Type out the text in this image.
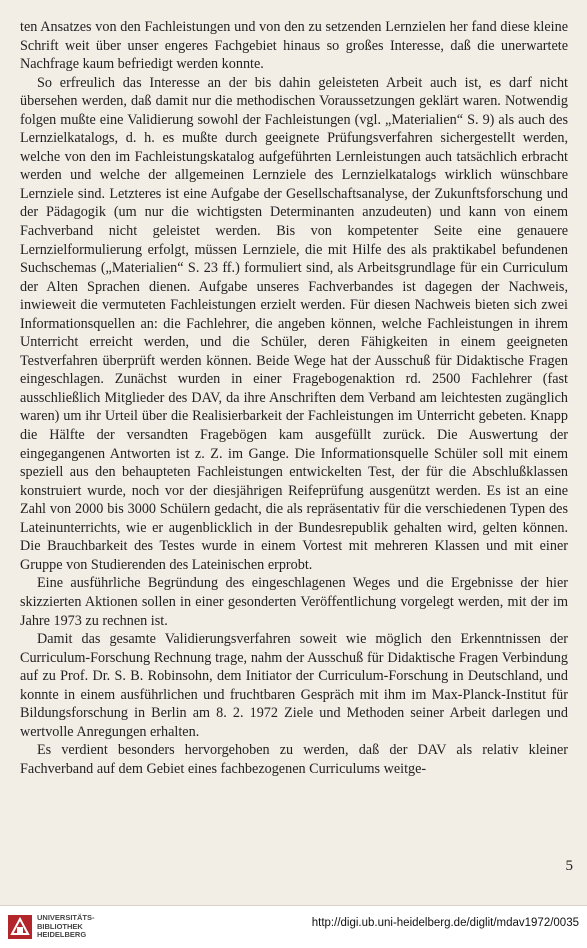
ten Ansatzes von den Fachleistungen und von den zu setzenden Lernzielen her fand diese kleine Schrift weit über unser engeres Fachgebiet hinaus so großes Interesse, daß die unerwartete Nachfrage kaum befriedigt werden konnte.

So erfreulich das Interesse an der bis dahin geleisteten Arbeit auch ist, es darf nicht übersehen werden, daß damit nur die methodischen Voraussetzungen geklärt waren. Notwendig folgen mußte eine Validierung sowohl der Fachleistungen (vgl. „Materialien“ S. 9) als auch des Lernzielkatalogs, d. h. es mußte durch geeignete Prüfungsverfahren sichergestellt werden, welche von den im Fachleistungskatalog aufgeführten Lernleistungen auch tatsächlich erbracht werden und welche der allgemeinen Lernziele des Lernzielkatalogs wirklich wünschbare Lernziele sind. Letzteres ist eine Aufgabe der Gesellschaftsanalyse, der Zukunftsforschung und der Pädagogik (um nur die wichtigsten Determinanten anzudeuten) und kann von einem Fachverband nicht geleistet werden. Bis von kompetenter Seite eine genauere Lernzielformulierung erfolgt, müssen Lernziele, die mit Hilfe des als praktikabel befundenen Suchschemas („Materialien“ S. 23 ff.) formuliert sind, als Arbeitsgrundlage für ein Curriculum der Alten Sprachen dienen. Aufgabe unseres Fachverbandes ist dagegen der Nachweis, inwieweit die vermuteten Fachleistungen erzielt werden. Für diesen Nachweis bieten sich zwei Informationsquellen an: die Fachlehrer, die angeben können, welche Fachleistungen in ihrem Unterricht erreicht werden, und die Schüler, deren Fähigkeiten in einem geeigneten Testverfahren überprüft werden können. Beide Wege hat der Ausschuß für Didaktische Fragen eingeschlagen. Zunächst wurden in einer Fragebogenaktion rd. 2500 Fachlehrer (fast ausschließlich Mitglieder des DAV, da ihre Anschriften dem Verband am leichtesten zugänglich waren) um ihr Urteil über die Realisierbarkeit der Fachleistungen im Unterricht gebeten. Knapp die Hälfte der versandten Fragebögen kam ausgefüllt zurück. Die Auswertung der eingegangenen Antworten ist z. Z. im Gange. Die Informationsquelle Schüler soll mit einem speziell aus den behaupteten Fachleistungen entwickelten Test, der für die Abschlußklassen konstruiert wurde, noch vor der diesjährigen Reifeprüfung ausgenützt werden. Es ist an eine Zahl von 2000 bis 3000 Schülern gedacht, die als repräsentativ für die verschiedenen Typen des Lateinunterrichts, wie er augenblicklich in der Bundesrepublik gehalten wird, gelten können. Die Brauchbarkeit des Testes wurde in einem Vortest mit mehreren Klassen und mit einer Gruppe von Studierenden des Lateinischen erprobt.

Eine ausführliche Begründung des eingeschlagenen Weges und die Ergebnisse der hier skizzierten Aktionen sollen in einer gesonderten Veröffentlichung vorgelegt werden, mit der im Jahre 1973 zu rechnen ist.

Damit das gesamte Validierungsverfahren soweit wie möglich den Erkenntnissen der Curriculum-Forschung Rechnung trage, nahm der Ausschuß für Didaktische Fragen Verbindung auf zu Prof. Dr. S. B. Robinsohn, dem Initiator der Curriculum-Forschung in Deutschland, und konnte in einem ausführlichen und fruchtbaren Gespräch mit ihm im Max-Planck-Institut für Bildungsforschung in Berlin am 8. 2. 1972 Ziele und Methoden seiner Arbeit darlegen und wertvolle Anregungen erhalten.

Es verdient besonders hervorgehoben zu werden, daß der DAV als relativ kleiner Fachverband auf dem Gebiet eines fachbezogenen Curriculums weitge-

5
UNIVERSITÄTS-
BIBLIOTHEK
HEIDELBERG
http://digi.ub.uni-heidelberg.de/diglit/mdav1972/0035
